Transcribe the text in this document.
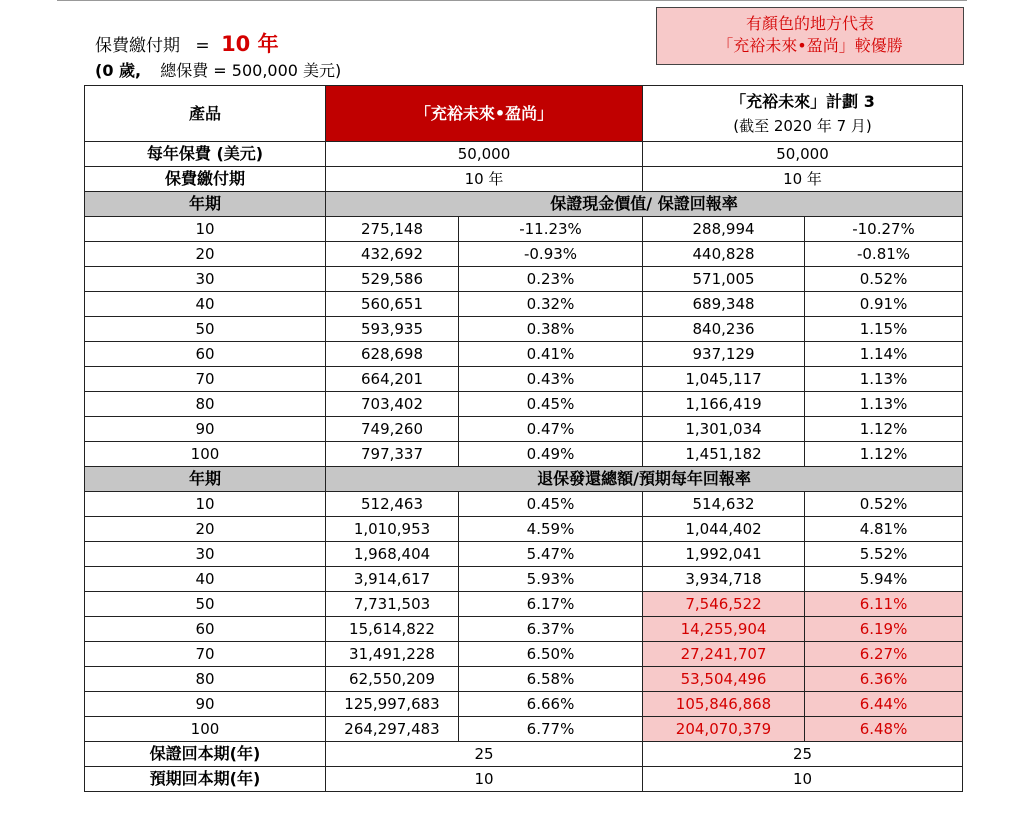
保費繳付期 = 10 年
(0 歲, 總保費 = 500,000 美元)
有顏色的地方代表
「充裕未來•盈尚」較優勝
產品	「充裕未來•盈尚」		「充裕未來」計劃 3
(截至 2020 年 7 月)	

每年保費 (美元)	50,000		50,000	
保費繳付期	10 年		10 年	
年期	保證現金價值/ 保證回報率			
10	275,148	-11.23%	288,994	-10.27%
20	432,692	-0.93%	440,828	-0.81%
30	529,586	0.23%	571,005	0.52%
40	560,651	0.32%	689,348	0.91%
50	593,935	0.38%	840,236	1.15%
60	628,698	0.41%	937,129	1.14%
70	664,201	0.43%	1,045,117	1.13%
80	703,402	0.45%	1,166,419	1.13%
90	749,260	0.47%	1,301,034	1.12%
100	797,337	0.49%	1,451,182	1.12%
年期	退保發還總額/預期每年回報率			
10	512,463	0.45%	514,632	0.52%
20	1,010,953	4.59%	1,044,402	4.81%
30	1,968,404	5.47%	1,992,041	5.52%
40	3,914,617	5.93%	3,934,718	5.94%
50	7,731,503	6.17%	7,546,522	6.11%
60	15,614,822	6.37%	14,255,904	6.19%
70	31,491,228	6.50%	27,241,707	6.27%
80	62,550,209	6.58%	53,504,496	6.36%
90	125,997,683	6.66%	105,846,868	6.44%
100	264,297,483	6.77%	204,070,379	6.48%
保證回本期(年)	25		25	
預期回本期(年)	10		10	
